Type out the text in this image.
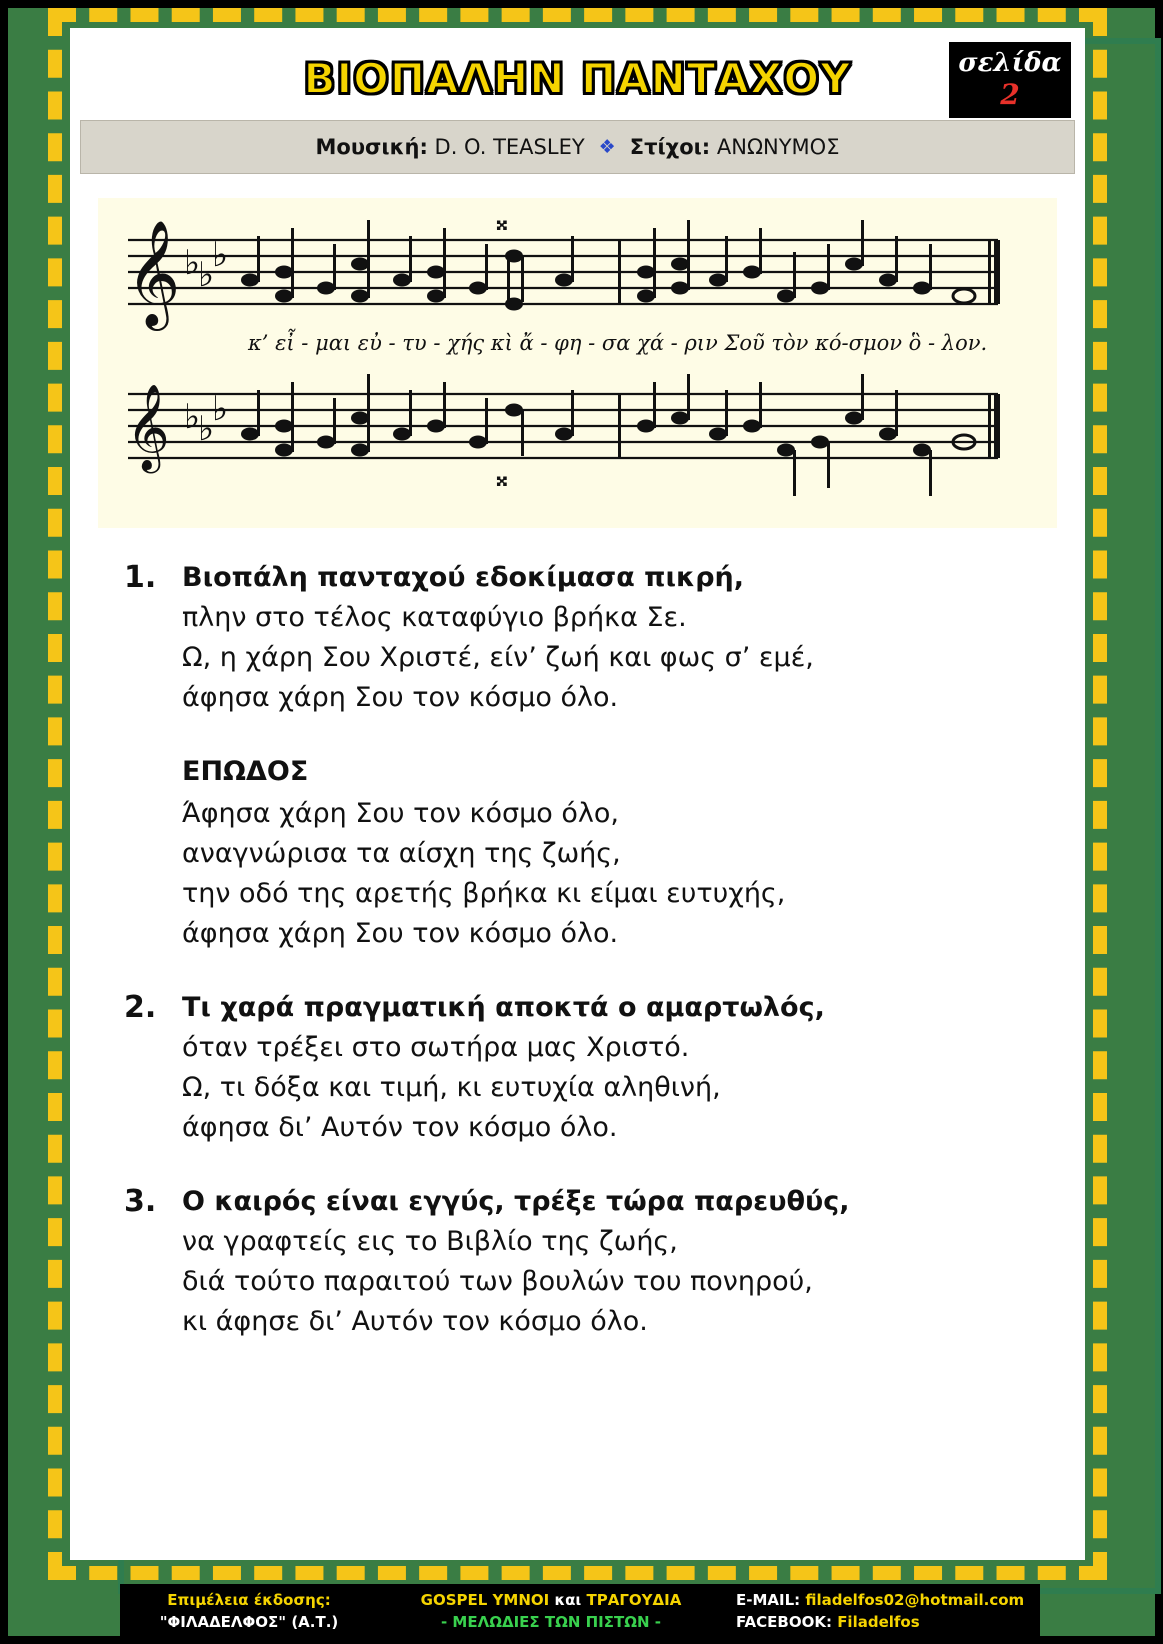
ΒΙΟΠΑΛΗΝ ΠΑΝΤΑΧΟΥ	σελίδα
2
Μουσική: D. O. TEASLEY ❖ Στίχοι: ΑΝΩΝΥΜΟΣ
𝄞 ♭
♭
♭
𝄪
κ’ εἶ - μαι εὐ - τυ - χής κὶ ἄ - φη - σα χά - ριν Σοῦ τὸν κό-σμον ὃ - λον.
𝄞 ♭
♭
♭
𝄪
1. Βιοπάλη πανταχού εδοκίμασα πικρή,
πλην στο τέλος καταφύγιο βρήκα Σε.
Ω, η χάρη Σου Χριστέ, είν’ ζωή και φως σ’ εμέ,
άφησα χάρη Σου τον κόσμο όλο.
ΕΠΩΔΟΣ
Άφησα χάρη Σου τον κόσμο όλο,
αναγνώρισα τα αίσχη της ζωής,
την οδό της αρετής βρήκα κι είμαι ευτυχής,
άφησα χάρη Σου τον κόσμο όλο.
2. Τι χαρά πραγματική αποκτά ο αμαρτωλός,
όταν τρέξει στο σωτήρα μας Χριστό.
Ω, τι δόξα και τιμή, κι ευτυχία αληθινή,
άφησα δι’ Αυτόν τον κόσμο όλο.
3. Ο καιρός είναι εγγύς, τρέξε τώρα παρευθύς,
να γραφτείς εις το Βιβλίο της ζωής,
διά τούτο παραιτού των βουλών του πονηρού,
κι άφησε δι’ Αυτόν τον κόσμο όλο.
Επιμέλεια έκδοσης:
"ΦΙΛΑΔΕΛΦΟΣ" (Α.Τ.)
GOSPEL ΥΜΝΟΙ και ΤΡΑΓΟΥΔΙΑ
- ΜΕΛΩΔΙΕΣ ΤΩΝ ΠΙΣΤΩΝ -
E-MAIL: filadelfos02@hotmail.com
FACEBOOK: Filadelfos
